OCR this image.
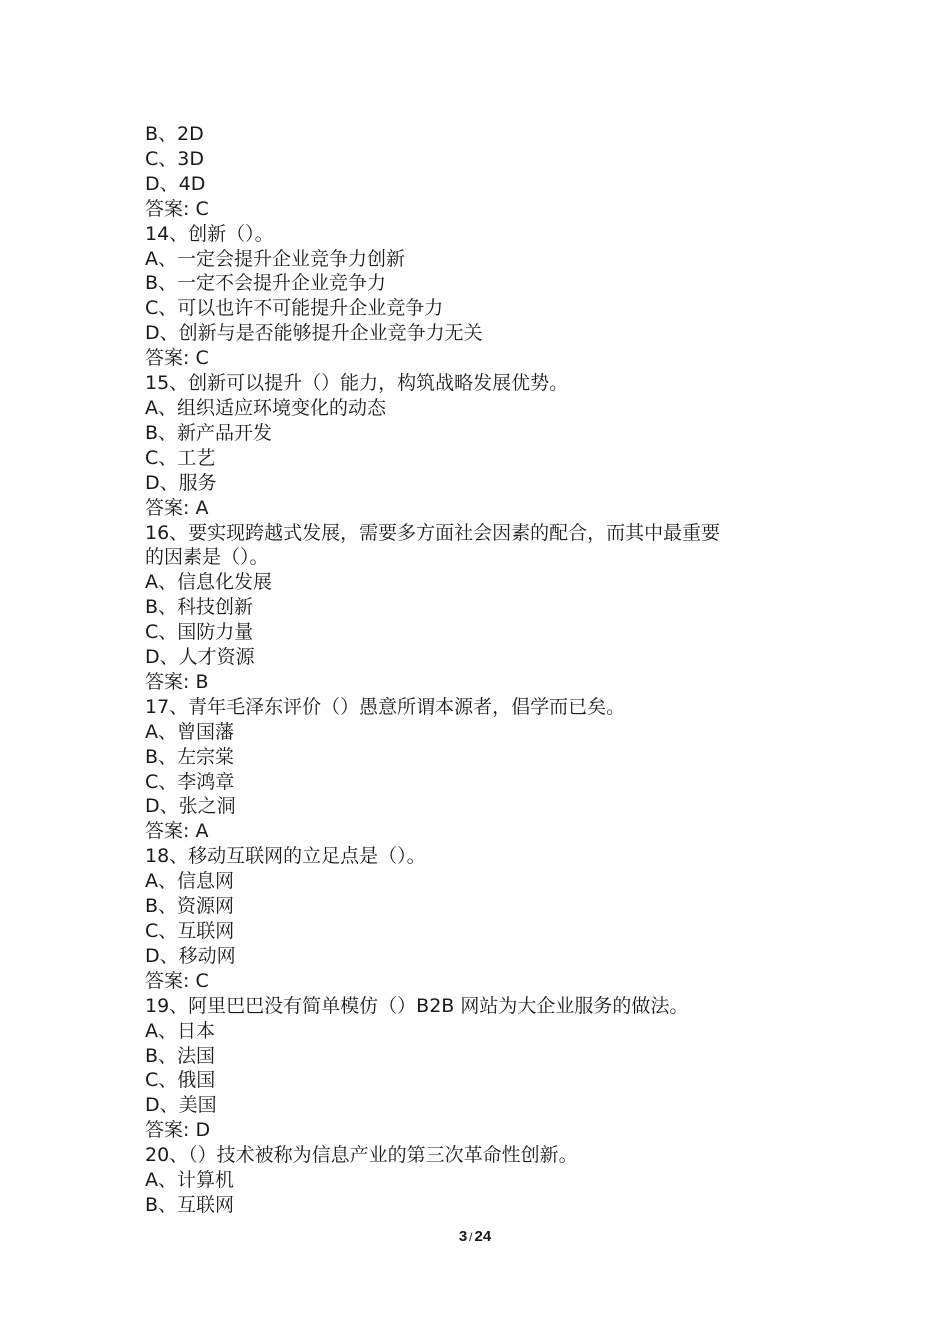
B、2D
C、3D
D、4D
答案: C
14、创新（）。
A、一定会提升企业竞争力创新
B、一定不会提升企业竞争力
C、可以也许不可能提升企业竞争力
D、创新与是否能够提升企业竞争力无关
答案: C
15、创新可以提升（）能力，构筑战略发展优势。
A、组织适应环境变化的动态
B、新产品开发
C、工艺
D、服务
答案: A
16、要实现跨越式发展，需要多方面社会因素的配合，而其中最重要
的因素是（）。
A、信息化发展
B、科技创新
C、国防力量
D、人才资源
答案: B
17、青年毛泽东评价（）愚意所谓本源者，倡学而已矣。
A、曾国藩
B、左宗棠
C、李鸿章
D、张之洞
答案: A
18、移动互联网的立足点是（）。
A、信息网
B、资源网
C、互联网
D、移动网
答案: C
19、阿里巴巴没有简单模仿（）B2B 网站为大企业服务的做法。
A、日本
B、法国
C、俄国
D、美国
答案: D
20、（）技术被称为信息产业的第三次革命性创新。
A、计算机
B、互联网
3 / 24
